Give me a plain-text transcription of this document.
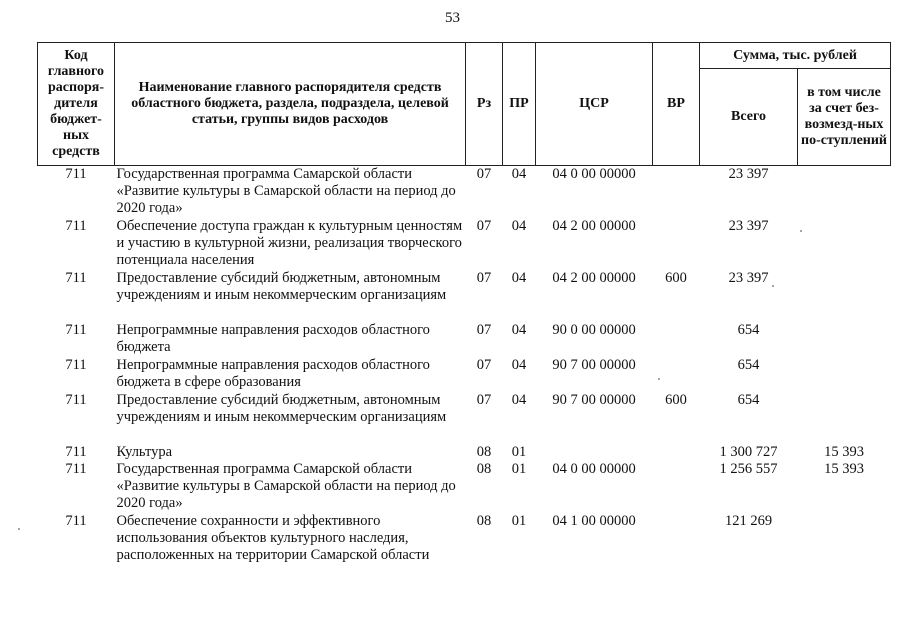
53
Код главного распоря-дителя бюджет-ных средств	Наименование главного распорядителя средств областного бюджета, раздела, подраздела, целевой статьи, группы видов расходов	Рз	ПР	ЦСР	ВР	Сумма, тыс. рублей	
						Всего	в том числе за счет без-возмезд-ных по-ступлений
711	Государственная программа Самарской области «Развитие культуры в Самарской области на период до 2020 года»	07	04	04 0 00 00000		23 397	
711	Обеспечение доступа граждан к культурным ценностям и участию в культурной жизни, реализация творческого потенциала населения	07	04	04 2 00 00000		23 397	
711	Предоставление субсидий бюджетным, автономным учреждениям и иным некоммерческим организациям	07	04	04 2 00 00000	600	23 397	
711	Непрограммные направления расходов областного бюджета	07	04	90 0 00 00000		654	
711	Непрограммные направления расходов областного бюджета в сфере образования	07	04	90 7 00 00000		654	
711	Предоставление субсидий бюджетным, автономным учреждениям и иным некоммерческим организациям	07	04	90 7 00 00000	600	654	
711	Культура	08	01			1 300 727	15 393
711	Государственная программа Самарской области «Развитие культуры в Самарской области на период до 2020 года»	08	01	04 0 00 00000		1 256 557	15 393
711	Обеспечение сохранности и эффективного использования объектов культурного наследия, расположенных на территории Самарской области	08	01	04 1 00 00000		121 269	
